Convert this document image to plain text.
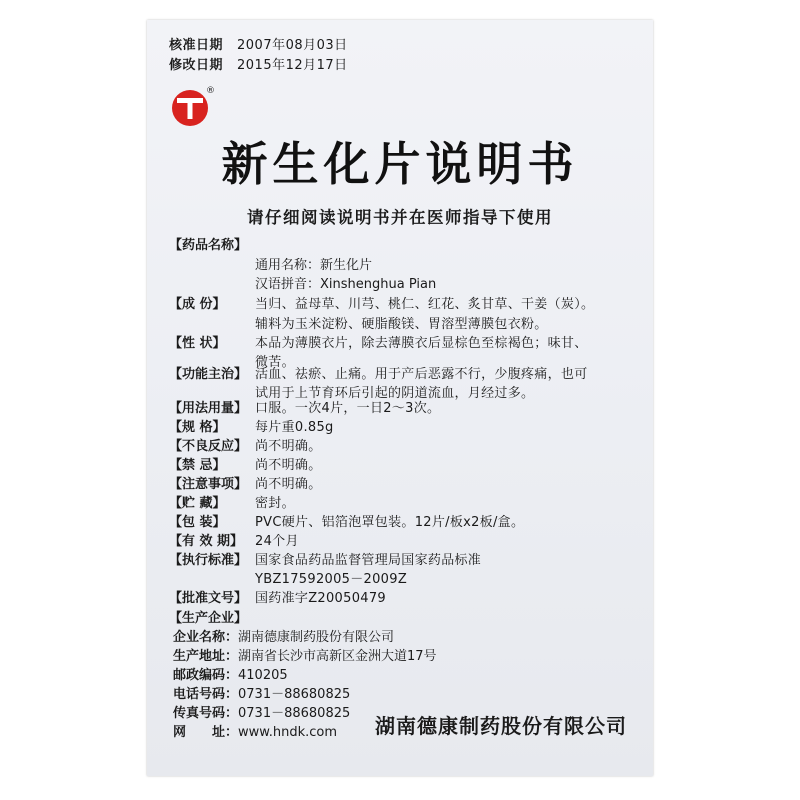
核准日期 2007年08月03日
修改日期 2015年12月17日
®
新生化片说明书
请仔细阅读说明书并在医师指导下使用
【药品名称】
通用名称：新生化片
汉语拼音：Xinshenghua Pian
【成 份】 当归、益母草、川芎、桃仁、红花、炙甘草、干姜（炭）。
辅料为玉米淀粉、硬脂酸镁、胃溶型薄膜包衣粉。
【性 状】 本品为薄膜衣片，除去薄膜衣后显棕色至棕褐色；味甘、
微苦。
【功能主治】 活血、祛瘀、止痛。用于产后恶露不行，少腹疼痛，也可
试用于上节育环后引起的阴道流血，月经过多。
【用法用量】 口服。一次4片，一日2～3次。
【规 格】 每片重0.85g
【不良反应】 尚不明确。
【禁 忌】 尚不明确。
【注意事项】 尚不明确。
【贮 藏】 密封。
【包 装】 PVC硬片、铝箔泡罩包装。12片/板x2板/盒。
【有 效 期】 24个月
【执行标准】 国家食品药品监督管理局国家药品标准
YBZ17592005－2009Z
【批准文号】 国药准字Z20050479
【生产企业】
企业名称：湖南德康制药股份有限公司
生产地址：湖南省长沙市高新区金洲大道17号
邮政编码：410205
电话号码：0731－88680825
传真号码：0731－88680825
网　　址：www.hndk.com	湖南德康制药股份有限公司
